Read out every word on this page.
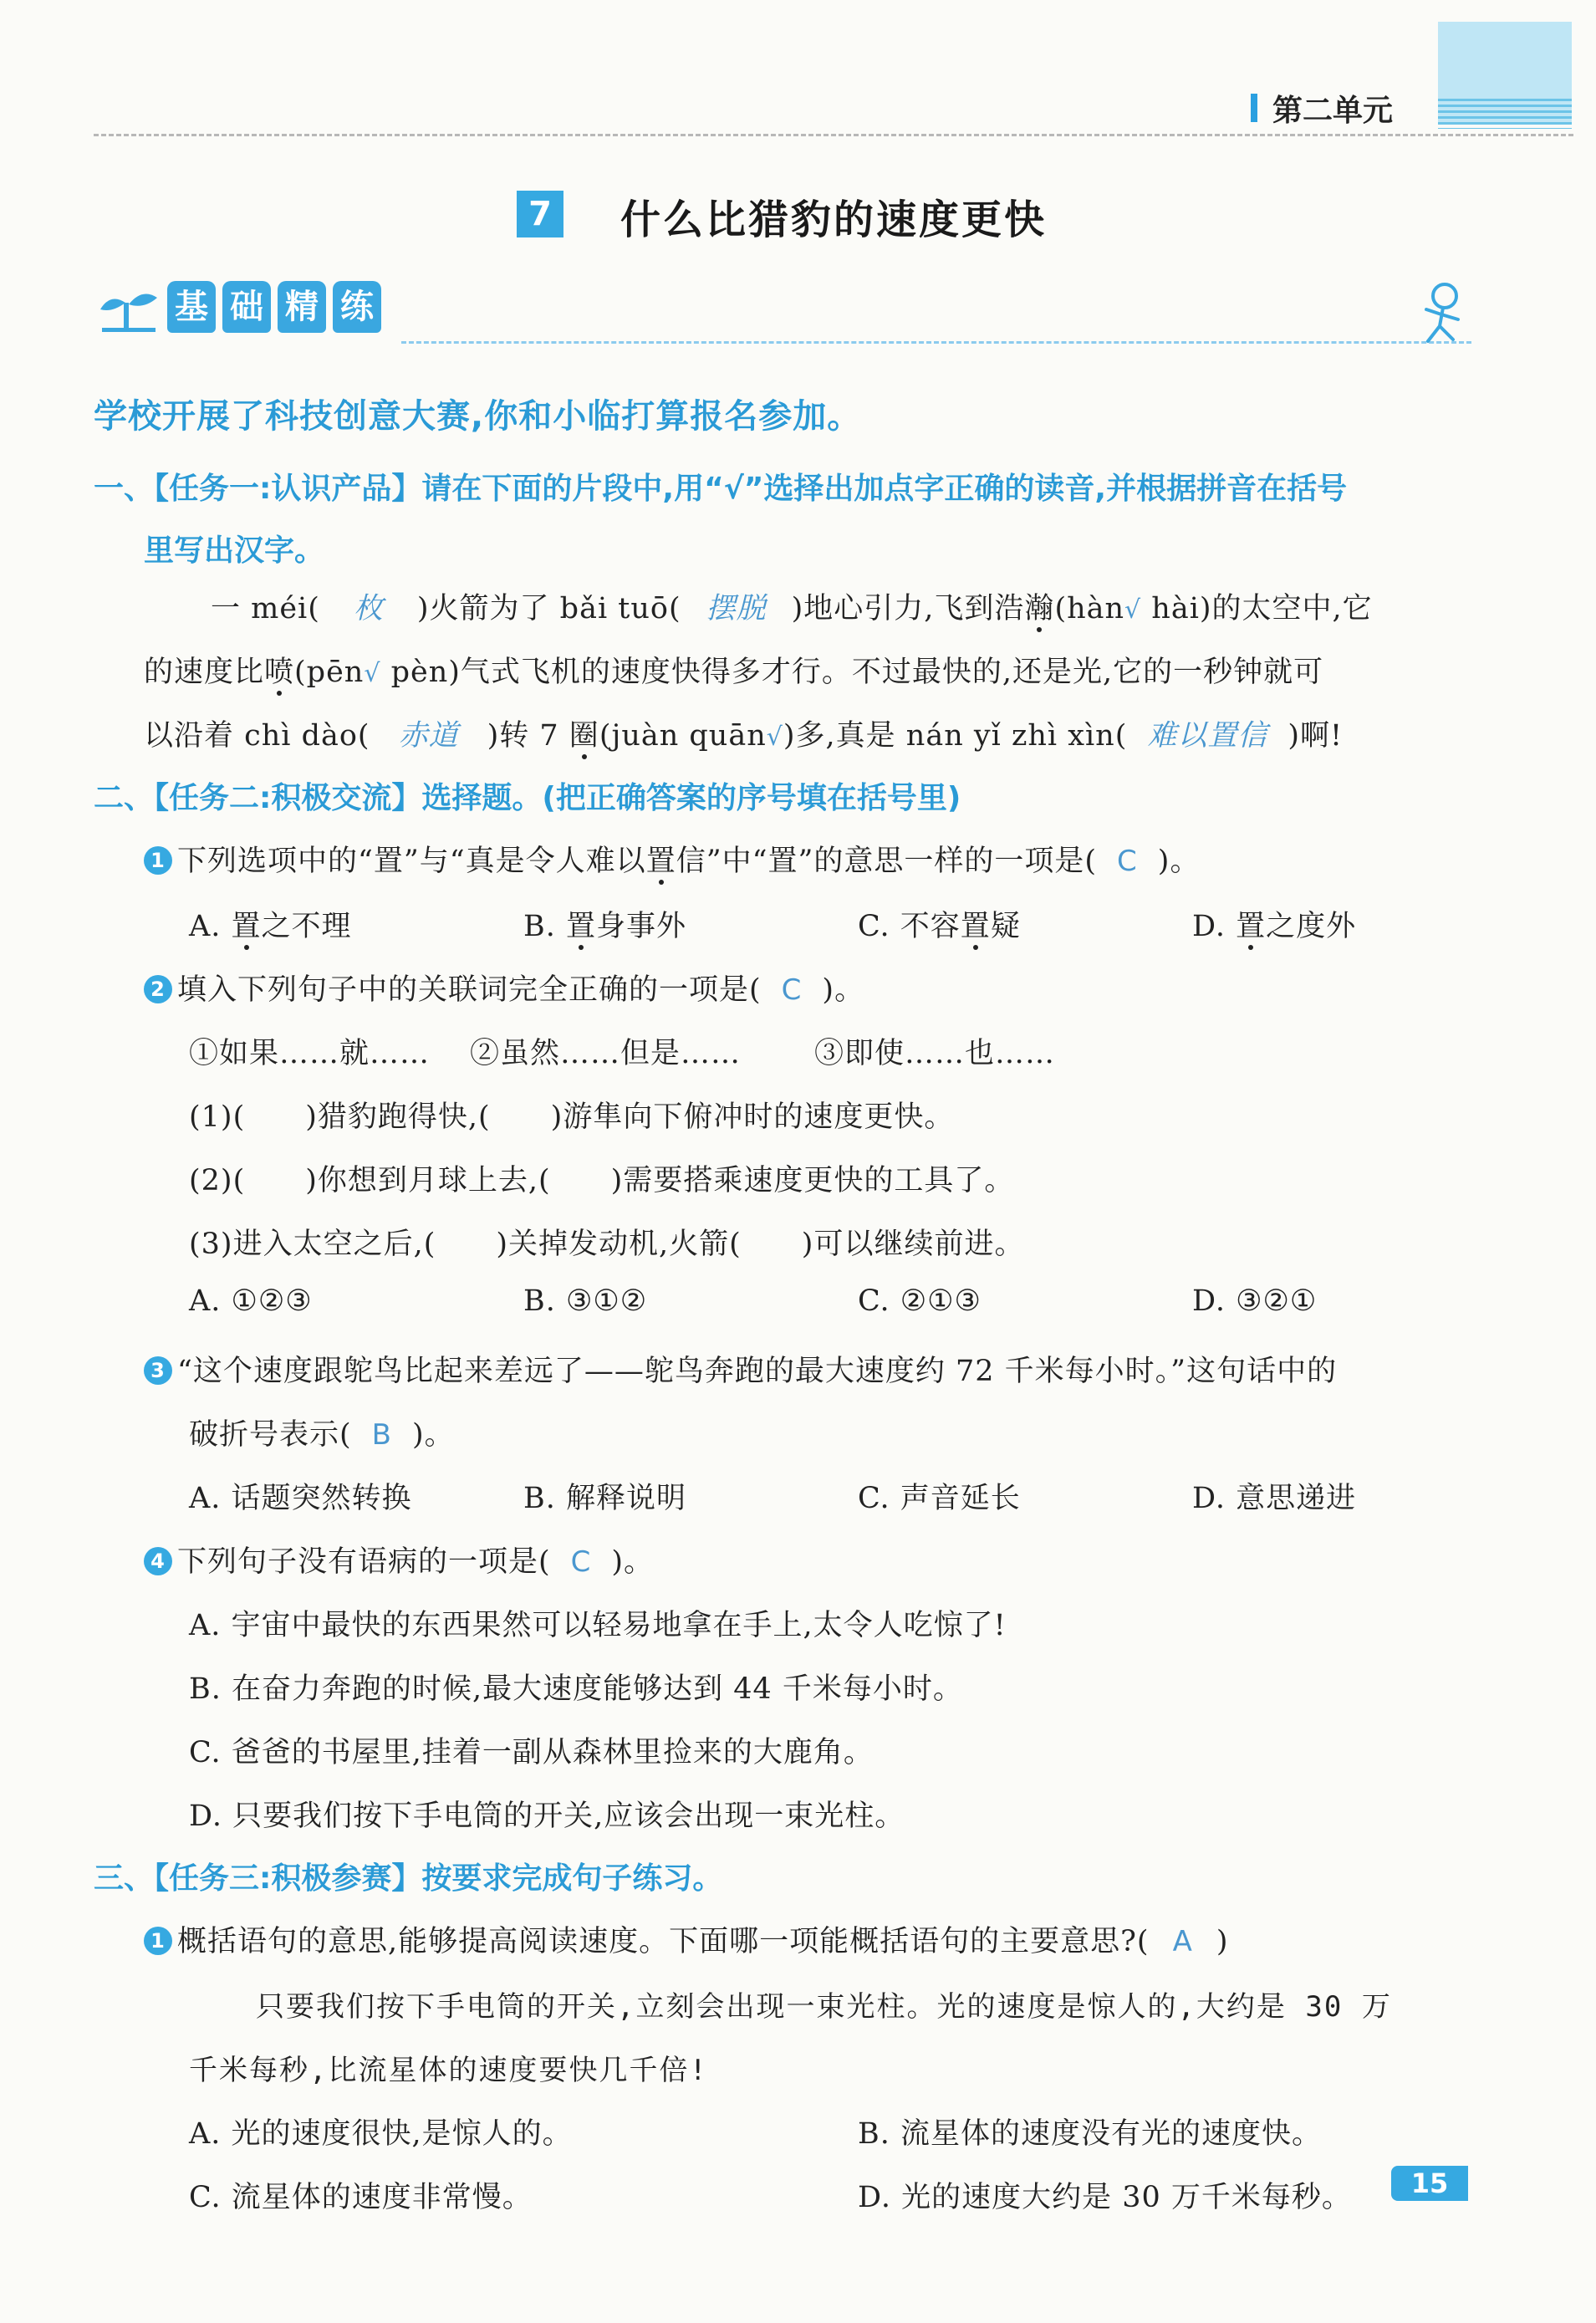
第二单元
7 什么比猎豹的速度更快
基 础 精 练
学校开展了科技创意大赛,你和小临打算报名参加。
一、【任务一:认识产品】请在下面的片段中,用“√”选择出加点字正确的读音,并根据拼音在括号
里写出汉字。
一 méi( 枚 )火箭为了 bǎi tuō( 摆脱 )地心引力,飞到浩瀚(hàn√ hài)的太空中,它
的速度比喷(pēn√ pèn)气式飞机的速度快得多才行。不过最快的,还是光,它的一秒钟就可
以沿着 chì dào( 赤道 )转 7 圈(juàn quān√)多,真是 nán yǐ zhì xìn( 难以置信 )啊!
二、【任务二:积极交流】选择题。(把正确答案的序号填在括号里)
1 下列选项中的“置”与“真是令人难以置信”中“置”的意思一样的一项是( C )。
A. 置之不理	B. 置身事外	C. 不容置疑	D. 置之度外
2 填入下列句子中的关联词完全正确的一项是( C )。
①如果……就…… ②虽然……但是……	③即使……也……
(1)(　　)猎豹跑得快,(　　)游隼向下俯冲时的速度更快。
(2)(　　)你想到月球上去,(　　)需要搭乘速度更快的工具了。
(3)进入太空之后,(　　)关掉发动机,火箭(　　)可以继续前进。
A. ①②③	B. ③①②	C. ②①③	D. ③②①
3 “这个速度跟鸵鸟比起来差远了——鸵鸟奔跑的最大速度约 72 千米每小时。”这句话中的
破折号表示( B )。
A. 话题突然转换	B. 解释说明	C. 声音延长	D. 意思递进
4 下列句子没有语病的一项是( C )。
A. 宇宙中最快的东西果然可以轻易地拿在手上,太令人吃惊了!
B. 在奋力奔跑的时候,最大速度能够达到 44 千米每小时。
C. 爸爸的书屋里,挂着一副从森林里捡来的大鹿角。
D. 只要我们按下手电筒的开关,应该会出现一束光柱。
三、【任务三:积极参赛】按要求完成句子练习。
1 概括语句的意思,能够提高阅读速度。下面哪一项能概括语句的主要意思?( A )
只要我们按下手电筒的开关,立刻会出现一束光柱。光的速度是惊人的,大约是 30 万
千米每秒,比流星体的速度要快几千倍!
A. 光的速度很快,是惊人的。	B. 流星体的速度没有光的速度快。
C. 流星体的速度非常慢。	D. 光的速度大约是 30 万千米每秒。	15
